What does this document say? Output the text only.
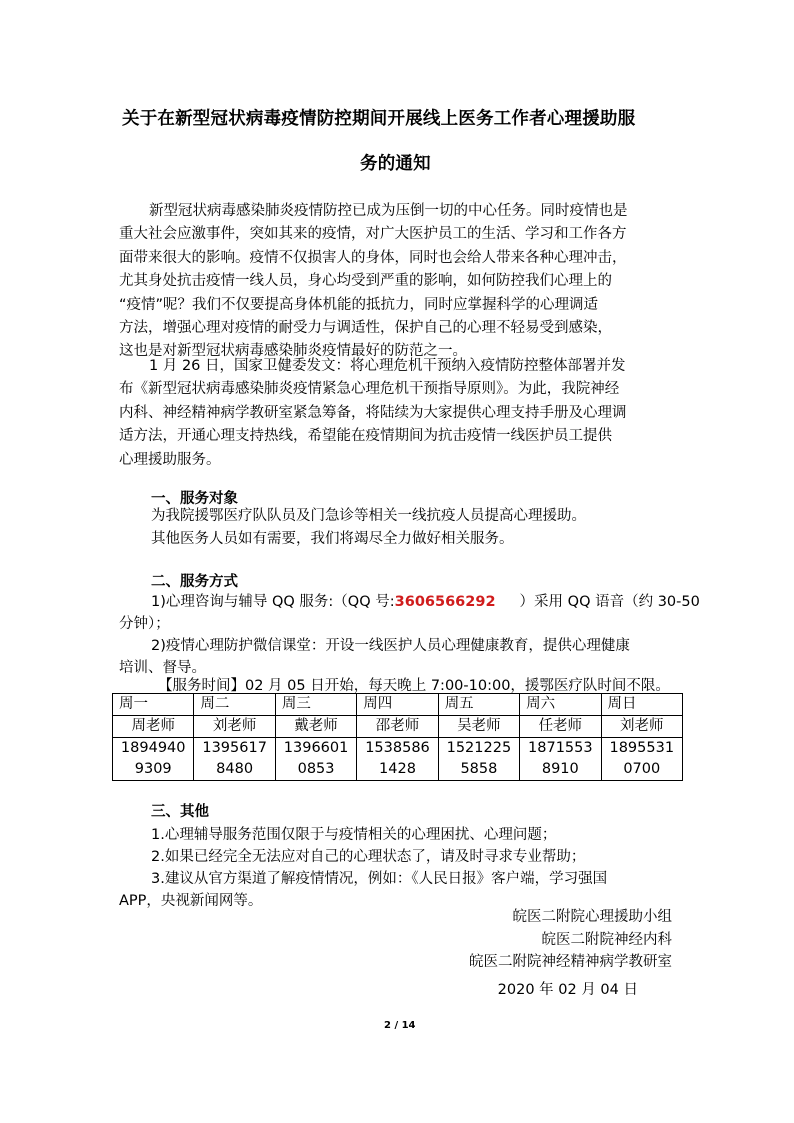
关于在新型冠状病毒疫情防控期间开展线上医务工作者心理援助服
务的通知
新型冠状病毒感染肺炎疫情防控已成为压倒一切的中心任务。同时疫情也是
重大社会应激事件，突如其来的疫情，对广大医护员工的生活、学习和工作各方
面带来很大的影响。疫情不仅损害人的身体，同时也会给人带来各种心理冲击，
尤其身处抗击疫情一线人员，身心均受到严重的影响，如何防控我们心理上的
“疫情”呢？我们不仅要提高身体机能的抵抗力，同时应掌握科学的心理调适
方法，增强心理对疫情的耐受力与调适性，保护自己的心理不轻易受到感染，
这也是对新型冠状病毒感染肺炎疫情最好的防范之一。
1 月 26 日，国家卫健委发文：将心理危机干预纳入疫情防控整体部署并发
布《新型冠状病毒感染肺炎疫情紧急心理危机干预指导原则》。为此，我院神经
内科、神经精神病学教研室紧急筹备，将陆续为大家提供心理支持手册及心理调
适方法，开通心理支持热线，希望能在疫情期间为抗击疫情一线医护员工提供
心理援助服务。
一、服务对象
为我院援鄂医疗队队员及门急诊等相关一线抗疫人员提高心理援助。
其他医务人员如有需要，我们将竭尽全力做好相关服务。
二、服务方式
1)心理咨询与辅导 QQ 服务:（QQ 号:3606566292 ）采用 QQ 语音（约 30-50
分钟）；
2)疫情心理防护微信课堂：开设一线医护人员心理健康教育，提供心理健康
培训、督导。
【服务时间】02 月 05 日开始，每天晚上 7:00-10:00，援鄂医疗队时间不限。
周一	周二	周三	周四	周五	周六	周日
周老师	刘老师	戴老师	邵老师	吴老师	任老师	刘老师
18949409309	13956178480	13966010853	15385861428	15212255858	18715538910	18955310700
三、其他
1.心理辅导服务范围仅限于与疫情相关的心理困扰、心理问题；
2.如果已经完全无法应对自己的心理状态了，请及时寻求专业帮助；
3.建议从官方渠道了解疫情情况，例如：《人民日报》客户端，学习强国
APP，央视新闻网等。
皖医二附院心理援助小组
皖医二附院神经内科
皖医二附院神经精神病学教研室
2020 年 02 月 04 日
2 / 14
